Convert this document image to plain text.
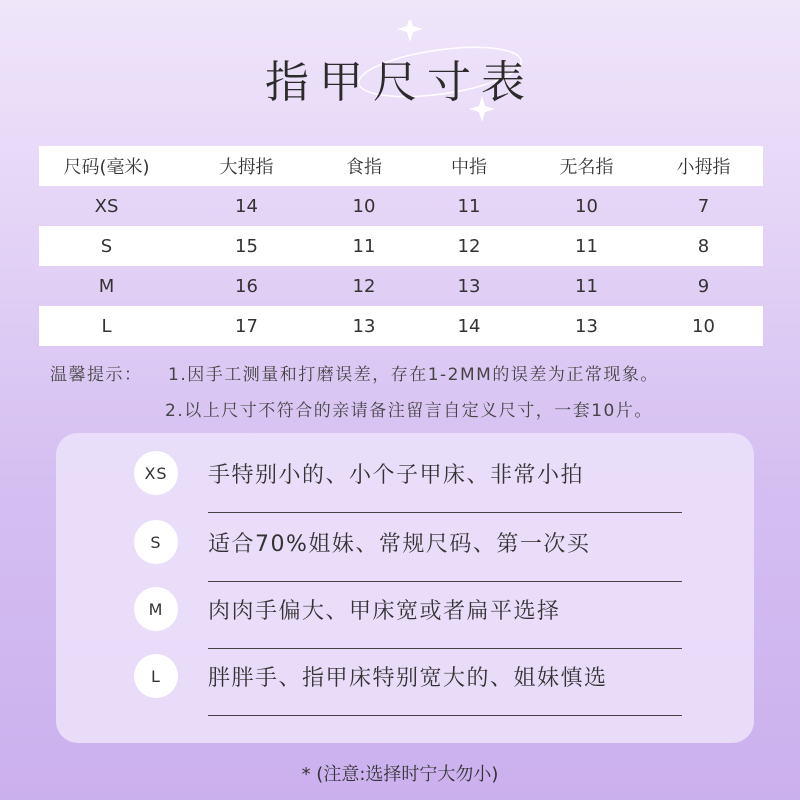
指甲尺寸表
尺码(毫米)	大拇指	食指	中指	无名指	小拇指
XS	14	10	11	10	7
S	15	11	12	11	8
M	16	12	13	11	9
L	17	13	14	13	10
温馨提示： 1.因手工测量和打磨误差，存在1-2MM的误差为正常现象。
2.以上尺寸不符合的亲请备注留言自定义尺寸，一套10片。
XS	手特别小的、小个子甲床、非常小拍
S	适合70%姐妹、常规尺码、第一次买
M	肉肉手偏大、甲床宽或者扁平选择
L	胖胖手、指甲床特别宽大的、姐妹慎选
* (注意:选择时宁大勿小)
